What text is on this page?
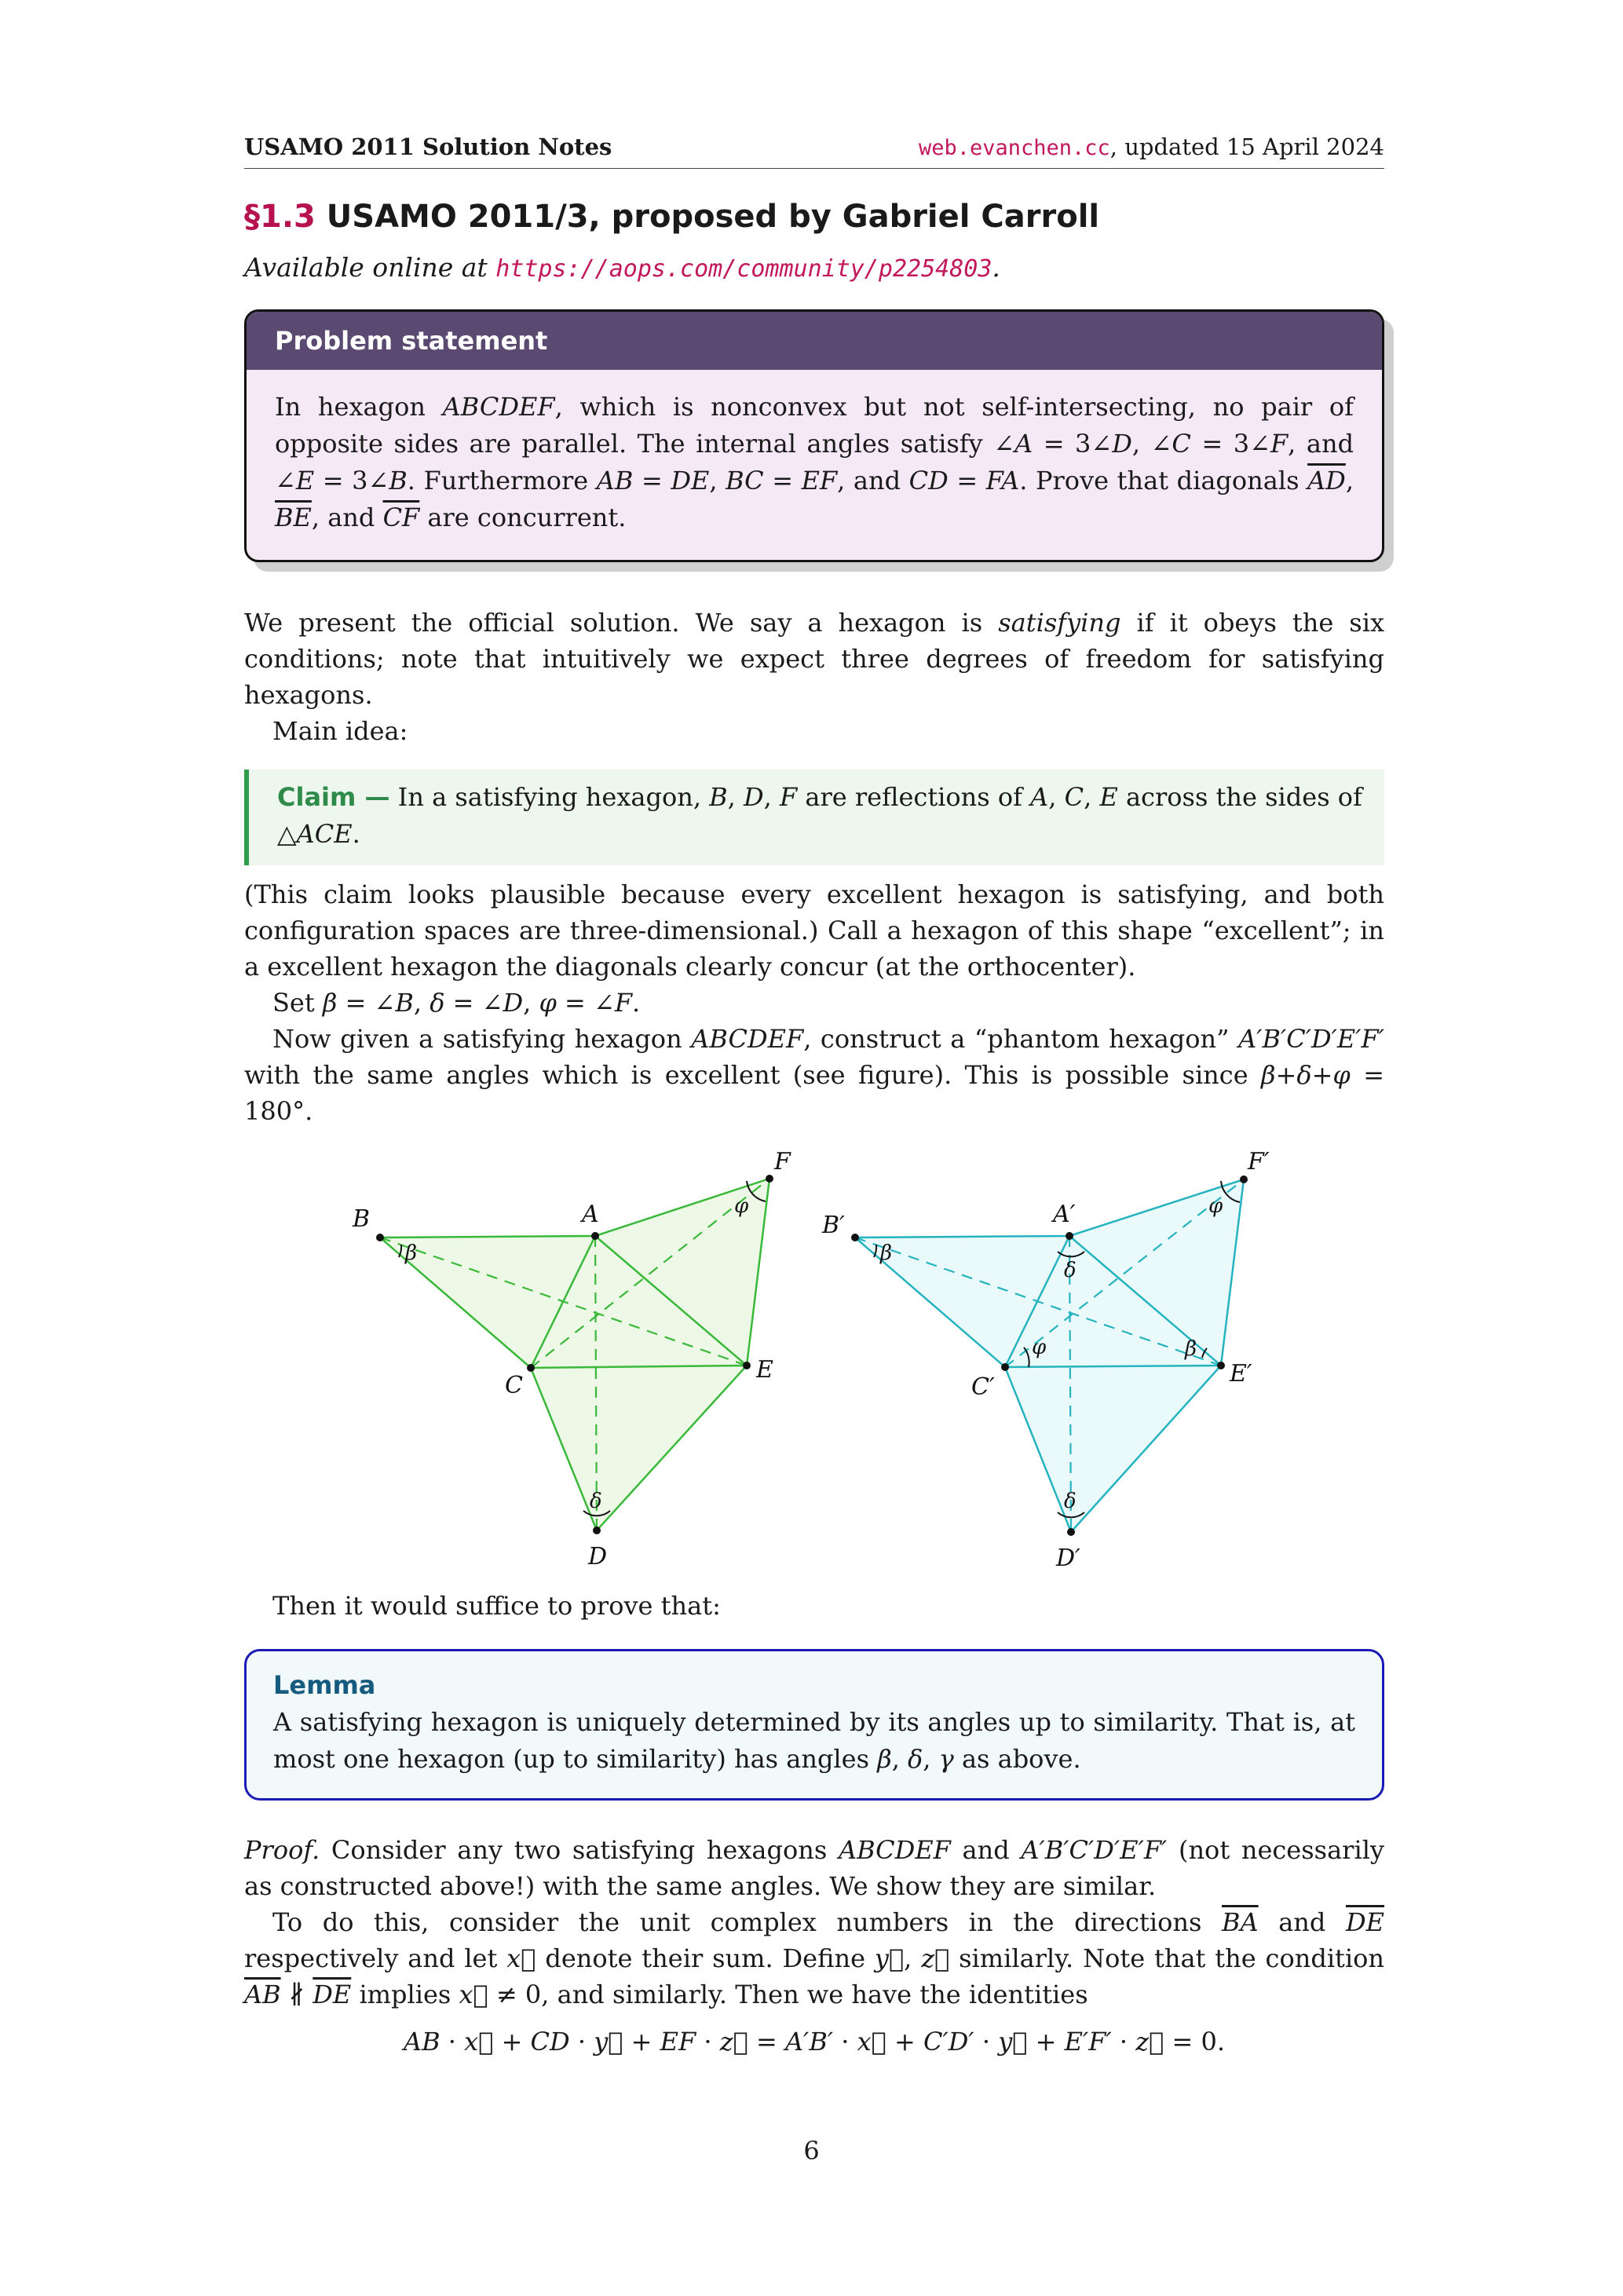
USAMO 2011 Solution Notes	web.evanchen.cc, updated 15 April 2024
§1.3 USAMO 2011/3, proposed by Gabriel Carroll
Available online at https://aops.com/community/p2254803.
Problem statement
In hexagon ABCDEF, which is nonconvex but not self-intersecting, no pair of opposite sides are parallel. The internal angles satisfy ∠A = 3∠D, ∠C = 3∠F, and ∠E = 3∠B. Furthermore AB = DE, BC = EF, and CD = FA. Prove that diagonals $\overline{AD}$, $\overline{BE}$, and $\overline{CF}$ are concurrent.
We present the official solution. We say a hexagon is satisfying if it obeys the six conditions; note that intuitively we expect three degrees of freedom for satisfying hexagons.
Main idea:
Claim — In a satisfying hexagon, B, D, F are reflections of A, C, E across the sides of △ACE.
(This claim looks plausible because every excellent hexagon is satisfying, and both configuration spaces are three-dimensional.) Call a hexagon of this shape “excellent”; in a excellent hexagon the diagonals clearly concur (at the orthocenter).
Set β = ∠B, δ = ∠D, φ = ∠F.
Now given a satisfying hexagon ABCDEF, construct a “phantom hexagon” A′B′C′D′E′F′ with the same angles which is excellent (see figure). This is possible since β+δ+φ = 180°.
A
B
C
D
E
F
β
δ
φ	A′
B′
C′
D′
E′
F′
β
δ
δ
φ
φ	β
Then it would suffice to prove that:
Lemma
A satisfying hexagon is uniquely determined by its angles up to similarity. That is, at most one hexagon (up to similarity) has angles β, δ, γ as above.
Proof. Consider any two satisfying hexagons ABCDEF and A′B′C′D′E′F′ (not necessarily as constructed above!) with the same angles. We show they are similar.
To do this, consider the unit complex numbers in the directions $\overline{BA}$ and $\overline{DE}$ respectively and let x⃗ denote their sum. Define y⃗, z⃗ similarly. Note that the condition $\overline{AB}$ ∦ $\overline{DE}$ implies x⃗ ≠ 0, and similarly. Then we have the identities
AB · x⃗ + CD · y⃗ + EF · z⃗ = A′B′ · x⃗ + C′D′ · y⃗ + E′F′ · z⃗ = 0.
6
